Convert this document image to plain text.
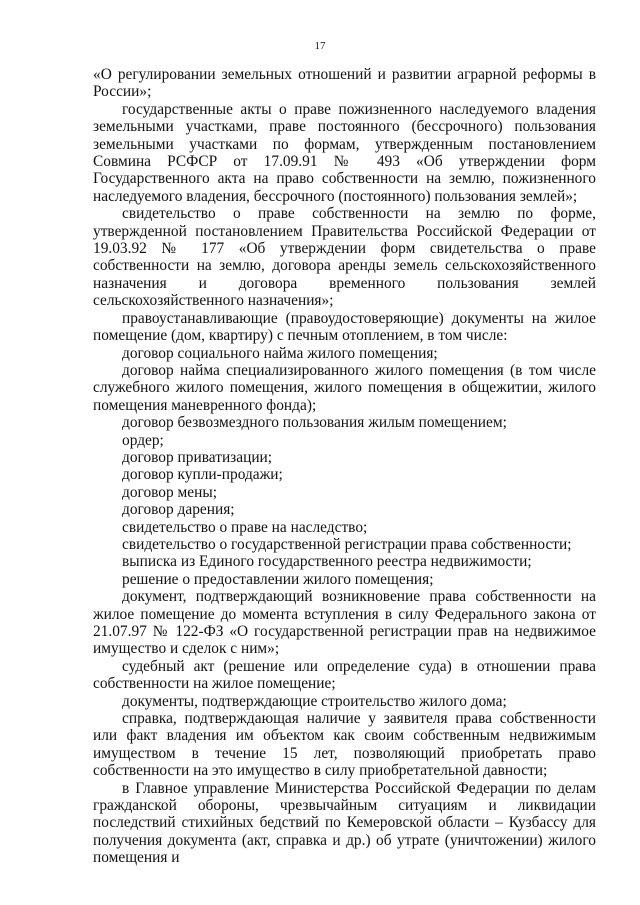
17

«О регулировании земельных отношений и развитии аграрной реформы в России»;

государственные акты о праве пожизненного наследуемого владения земельными участками, праве постоянного (бессрочного) пользования земельными участками по формам, утвержденным постановлением Совмина РСФСР от 17.09.91 № 493 «Об утверждении форм Государственного акта на право собственности на землю, пожизненного наследуемого владения, бессрочного (постоянного) пользования землей»;

свидетельство о праве собственности на землю по форме, утвержденной постановлением Правительства Российской Федерации от 19.03.92 № 177 «Об утверждении форм свидетельства о праве собственности на землю, договора аренды земель сельскохозяйственного назначения и договора временного пользования землей сельскохозяйственного назначения»;

правоустанавливающие (правоудостоверяющие) документы на жилое помещение (дом, квартиру) с печным отоплением, в том числе:

договор социального найма жилого помещения;

договор найма специализированного жилого помещения (в том числе служебного жилого помещения, жилого помещения в общежитии, жилого помещения маневренного фонда);

договор безвозмездного пользования жилым помещением;

ордер;

договор приватизации;

договор купли-продажи;

договор мены;

договор дарения;

свидетельство о праве на наследство;

свидетельство о государственной регистрации права собственности;

выписка из Единого государственного реестра недвижимости;

решение о предоставлении жилого помещения;

документ, подтверждающий возникновение права собственности на жилое помещение до момента вступления в силу Федерального закона от 21.07.97 № 122-ФЗ «О государственной регистрации прав на недвижимое имущество и сделок с ним»;

судебный акт (решение или определение суда) в отношении права собственности на жилое помещение;

документы, подтверждающие строительство жилого дома;

справка, подтверждающая наличие у заявителя права собственности или факт владения им объектом как своим собственным недвижимым имуществом в течение 15 лет, позволяющий приобретать право собственности на это имущество в силу приобретательной давности;

в Главное управление Министерства Российской Федерации по делам гражданской обороны, чрезвычайным ситуациям и ликвидации последствий стихийных бедствий по Кемеровской области – Кузбассу для получения документа (акт, справка и др.) об утрате (уничтожении) жилого помещения и
